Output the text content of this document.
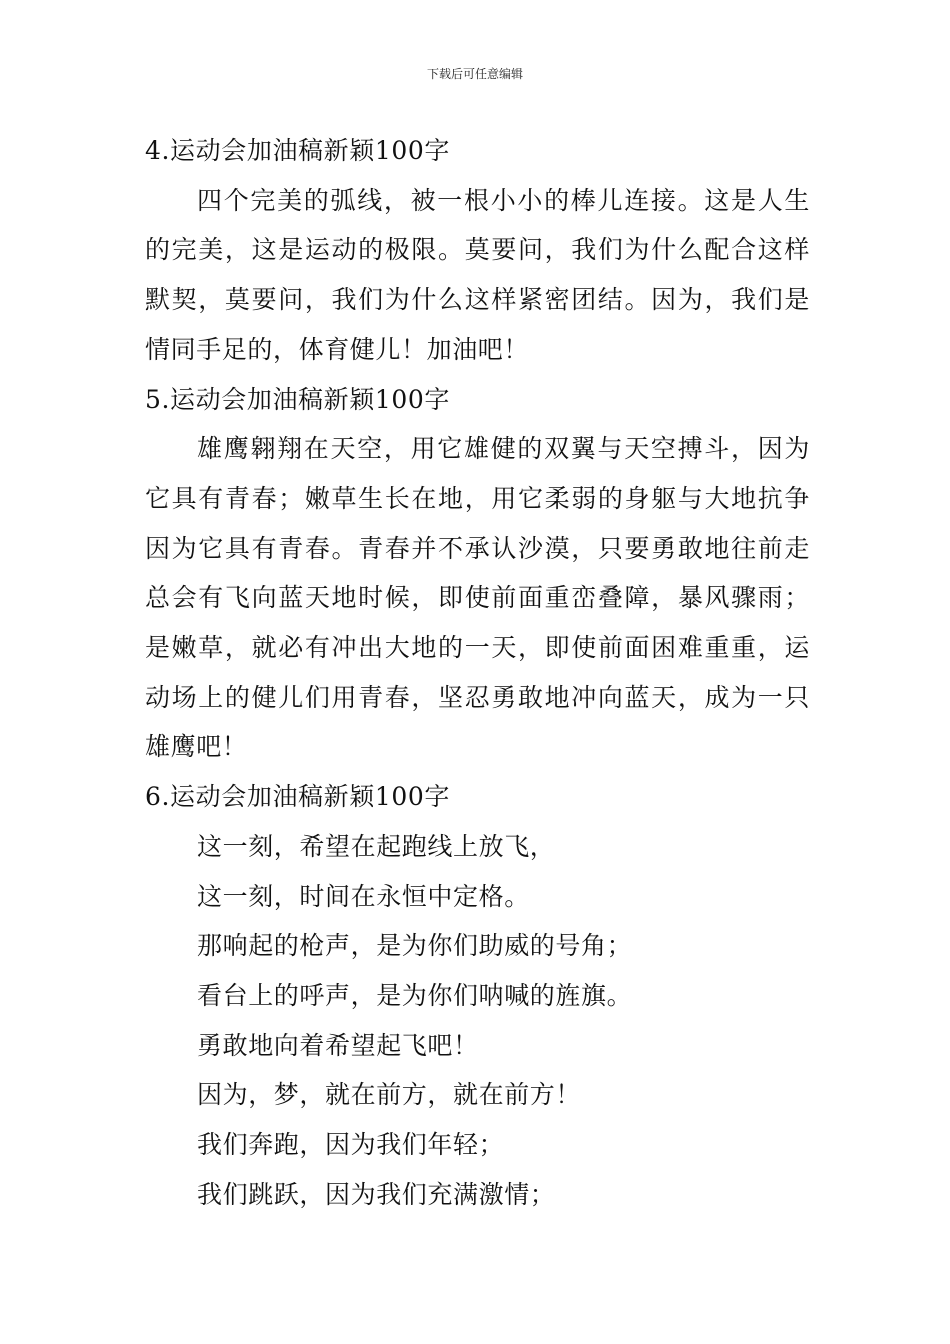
下载后可任意编辑
4.运动会加油稿新颖100字

四个完美的弧线，被一根小小的棒儿连接。这是人生的完美，这是运动的极限。莫要问，我们为什么配合这样默契，莫要问，我们为什么这样紧密团结。因为，我们是情同手足的，体育健儿！加油吧！

5.运动会加油稿新颖100字

雄鹰翱翔在天空，用它雄健的双翼与天空搏斗，因为它具有青春；嫩草生长在地，用它柔弱的身躯与大地抗争因为它具有青春。青春并不承认沙漠，只要勇敢地往前走总会有飞向蓝天地时候，即使前面重峦叠障，暴风骤雨；是嫩草，就必有冲出大地的一天，即使前面困难重重，运动场上的健儿们用青春，坚忍勇敢地冲向蓝天，成为一只雄鹰吧！

6.运动会加油稿新颖100字

这一刻，希望在起跑线上放飞，

这一刻，时间在永恒中定格。

那响起的枪声，是为你们助威的号角；

看台上的呼声，是为你们呐喊的旌旗。

勇敢地向着希望起飞吧！

因为，梦，就在前方，就在前方！

我们奔跑，因为我们年轻；

我们跳跃，因为我们充满激情；
